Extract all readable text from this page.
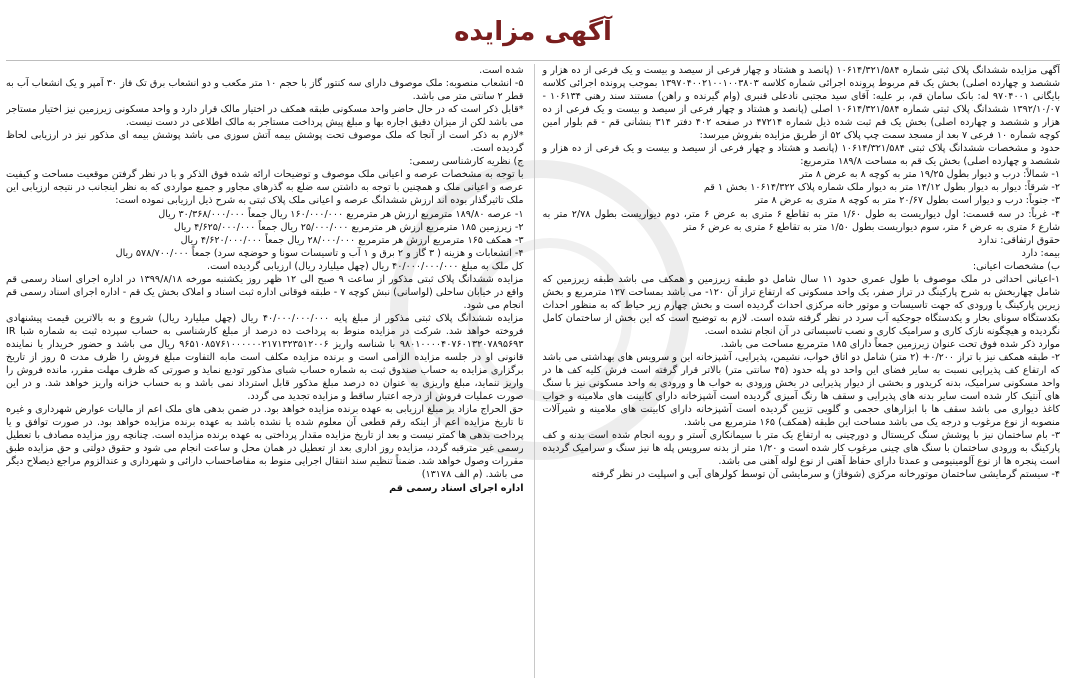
آگهی مزایده

آگهی مزایده ششدانگ پلاک ثبتی شماره ۱۰۶۱۴/۳۲۱/۵۸۴ (پانصد و هشتاد و چهار فرعی از سیصد و بیست و یک فرعی از ده هزار و ششصد و چهارده اصلی) بخش یک قم مربوط پرونده اجرائی شماره کلاسه ۱۳۹۷۰۴۰۰۲۱۰۰۱۰۰۳۸۰۳ بموجب پرونده اجرائی کلاسه بایگانی ۹۷۰۴۰۰۱ له: بانک سامان قم، بر علیه: آقای سید مجتبی نادعلی قنبری (وام گیرنده و راهن) مستند سند رهنی ۱۰۶۱۳۴ - ۱۳۹۲/۱۰/۰۷ ششدانگ پلاک ثبتی شماره ۱۰۶۱۴/۳۲۱/۵۸۴ اصلی (پانصد و هشتاد و چهار فرعی از سیصد و بیست و یک فرعی از ده هزار و ششصد و چهارده اصلی) بخش یک قم ثبت شده ذیل شماره ۴۷۲۱۴ در صفحه ۴۰۲ دفتر ۳۱۴ بنشانی قم - قم بلوار امین کوچه شماره ۱۰ فرعی ۷ بعد از مسجد سمت چپ پلاک ۵۲ از طریق مزایده بفروش میرسد:

حدود و مشخصات ششدانگ پلاک ثبتی ۱۰۶۱۴/۳۲۱/۵۸۴ (پانصد و هشتاد و چهار فرعی از سیصد و بیست و یک فرعی از ده هزار و ششصد و چهارده اصلی) بخش یک قم به مساحت ۱۸۹/۸ مترمربع:

۱- شمالاً: درب و دیوار بطول ۱۹/۲۵ متر به کوچه ۸ به عرض ۸ متر

۲- شرقاً: دیوار به دیوار بطول ۱۴/۱۲ متر به دیوار ملک شماره پلاک ۱۰۶۱۴/۳۲۲ بخش ۱ قم

۳- جنوباً: درب و دیوار است بطول ۲۰/۶۷ متر به کوچه ۸ متری به عرض ۸ متر

۴- غرباً: در سه قسمت: اول دیواریست به طول ۱/۶۰ متر به تقاطع ۶ متری به عرض ۶ متر، دوم دیواریست بطول ۲/۷۸ متر به شارع ۶ متری به عرض ۶ متر، سوم دیواریست بطول ۱/۵۰ متر به تقاطع ۶ متری به عرض ۶ متر

حقوق ارتفاقی: ندارد

بیمه: دارد

ب) مشخصات اعیانی:

۱-اعیانی احداثی در ملک موصوف با طول عمری حدود ۱۱ سال شامل دو طبقه زیرزمین و همکف می باشد طبقه زیرزمین که شامل چهاربخش به شرح پارکینگ در تراز صفر، یک واحد مسکونی که ارتفاع تراز آن ۱۲۰- می باشد بمساحت ۱۲۷ مترمربع و بخش زیرین پارکینگ یا ورودی که جهت تاسیسات و موتور خانه مرکزی احداث گردیده است و بخش چهارم زیر حیاط که به منظور احداث بکدستگاه سونای بخار و یکدستگاه جوجکیه آب سرد در نظر گرفته شده است. لازم به توضیح است که این بخش از ساختمان کامل نگردیده و هیچگونه نازک کاری و سرامیک کاری و نصب تاسیساتی در آن انجام نشده است.

موارد ذکر شده فوق تحت عنوان زیرزمین جمعاً دارای ۱۸۵ مترمربع مساحت می باشد.

۲- طبقه همکف نیز با تراز ۰/۲۰۰+ (۲ متر) شامل دو اتاق خواب، نشیمن، پذیرایی، آشپزخانه این و سرویس های بهداشتی می باشد که ارتفاع کف پذیرایی نسبت به سایر فضای این واحد دو پله حدود (۴۵ سانتی متر) بالاتر قرار گرفته است فرش کلیه کف ها در واحد مسکونی سرامیک، بدنه کریدور و بخشی از دیوار پذیرایی در بخش ورودی به خواب ها و ورودی به واحد مسکونی نیز با سنگ های آنتیک کار شده است سایر بدنه های پذیرایی و سقف ها رنگ آمیزی گردیده است آشپزخانه دارای کابینت های ملامینه و خواب کاغذ دیواری می باشد سقف ها با ابزارهای حجمی و گلویی تزیین گردیده است آشپزخانه دارای کابینت های ملامینه و شیرآلات منصوبه از نوع مرغوب و درجه یک می باشد مساحت این طبقه (همکف) ۱۶۵ مترمربع می باشد.

۳- بام ساختمان نیز با پوشش سنگ کریستال و دورچینی به ارتفاع یک متر با سیمانکاری آستر و رویه انجام شده است بدنه و کف پارکینگ به ورودی ساختمان با سنگ های چینی مرغوب کار شده است و ۱/۲۰ متر از بدنه سرویس پله ها نیز سنگ و سرامیک گردیده است پنجره ها از نوع آلومینیومی و عمدتا دارای حفاظ آهنی از نوع لوله آهنی می باشد.

۴- سیستم گرمایشی ساختمان موتورخانه مرکزی (شوفاژ) و سرمایشی آن توسط کولرهای آبی و اسپلیت در نظر گرفته

شده است.

۵- انشعاب منصوبه: ملک موصوف دارای سه کنتور گاز با حجم ۱۰ متر مکعب و دو انشعاب برق تک فاز ۳۰ آمپر و یک انشعاب آب به قطر ۲ سانتی متر می باشد.

*قابل ذکر است که در حال حاضر واحد مسکونی طبقه همکف در اختیار مالک قرار دارد و واحد مسکونی زیرزمین نیز اختیار مستاجر می باشد لکن از میزان دقیق اجاره بها و مبلغ پیش پرداخت مستاجر به مالک اطلاعی در دست نیست.

*لازم به ذکر است از آنجا که ملک موصوف تحت پوشش بیمه آتش سوزی می باشد پوشش بیمه ای مذکور نیز در ارزیابی لحاظ گردیده است.

ج) نظریه کارشناسی رسمی:

با توجه به مشخصات عرصه و اعیانی ملک موصوف و توضیحات ارائه شده فوق الذکر و با در نظر گرفتن موقعیت مساحت و کیفیت عرصه و اعیانی ملک و همچنین با توجه به داشتن سه ضلع به گذرهای مجاور و جمیع مواردی که به نظر اینجانب در نتیجه ارزیابی این ملک تاثیرگذار بوده اند ارزش ششدانگ عرصه و اعیانی ملک پلاک ثبتی به شرح ذیل ارزیابی نموده است:

۱- عرصه ۱۸۹/۸۰ مترمربع ارزش هر مترمربع ۱۶۰/۰۰۰/۰۰۰ ریال جمعاً ۳۰/۳۶۸/۰۰۰/۰۰۰ ریال

۲- زیرزمین ۱۸۵ مترمربع ارزش هر مترمربع ۲۵/۰۰۰/۰۰۰ ریال جمعاً ۴/۶۲۵/۰۰۰/۰۰۰ ریال

۳- همکف ۱۶۵ مترمربع ارزش هر مترمربع ۲۸/۰۰۰/۰۰۰ ریال جمعاً ۴/۶۲۰/۰۰۰/۰۰۰ ریال

۴- انشعابات و هزینه ( ۳ گاز و ۲ برق و ۱ آب و تاسیسات سونا و حوضچه سرد) جمعاً ۵۷۸/۷۰۰/۰۰۰ ریال

کل ملک به مبلغ ۴۰/۰۰۰/۰۰۰/۰۰۰ ریال (چهل میلیارد ریال) ارزیابی گردیده است.

مزایده ششدانگ پلاک ثبتی مذکور از ساعت ۹ صبح الی ۱۲ ظهر روز یکشنبه مورخه ۱۳۹۹/۸/۱۸ در اداره اجرای اسناد رسمی قم واقع در خیابان ساحلی (لواسانی) نبش کوچه ۷ - طبقه فوقانی اداره ثبت اسناد و املاک بخش یک قم - اداره اجرای اسناد رسمی قم انجام می شود.

مزایده ششدانگ پلاک ثبتی مذکور از مبلغ پایه ۴۰/۰۰۰/۰۰۰/۰۰۰ ریال (چهل میلیارد ریال) شروع و به بالاترین قیمت پیشنهادی فروخته خواهد شد. شرکت در مزایده منوط به پرداخت ده درصد از مبلغ کارشناسی به حساب سپرده ثبت به شماره شبا IR ۹۸۰۱۰۰۰۰۴۰۷۶۰۱۳۲۰۷۸۹۵۶۹۳ با شناسه واریز ۹۶۵۱۰۸۵۷۶۱۰۰۰۰۰۰۲۱۷۱۳۲۳۵۱۲۰۰۶ ریال می باشد و حضور خریدار یا نماینده قانونی او در جلسه مزایده الزامی است و برنده مزایده مکلف است مابه التفاوت مبلغ فروش را ظرف مدت ۵ روز از تاریخ برگزاری مزایده به حساب صندوق ثبت به شماره حساب شبای مذکور تودیع نماید و صورتی که ظرف مهلت مقرر، مانده فروش را واریز ننماید، مبلغ واریزی به عنوان ده درصد مبلغ مذکور قابل استرداد نمی باشد و به حساب خزانه واریز خواهد شد. و در این صورت عملیات فروش از درجه اعتبار ساقط و مزایده تجدید می گردد.

حق الحراج مازاد بر مبلغ ارزیابی به عهده برنده مزایده خواهد بود. در ضمن بدهی های ملک اعم از مالیات عوارض شهرداری و غیره تا تاریخ مزایده اعم از اینکه رقم قطعی آن معلوم شده یا نشده باشد به عهده برنده مزایده خواهد بود. در صورت توافق و یا پرداخت بدهی ها کمتر نیست و بعد از تاریخ مزایده مقدار پرداختی به عهده برنده مزایده است. چنانچه روز مزایده مصادف با تعطیل رسمی غیر مترقبه گردد، مزایده روز اداری بعد از تعطیل در همان محل و ساعت انجام می شود و حقوق دولتی و حق مزایده طبق مقررات وصول خواهد شد. ضمناً تنظیم سند انتقال اجرایی منوط به مفاصاحساب دارائی و شهرداری و عندالزوم مراجع ذیصلاح دیگر می باشد. (م الف ۱۳۱۷۸)

اداره اجرای اسناد رسمی قم
